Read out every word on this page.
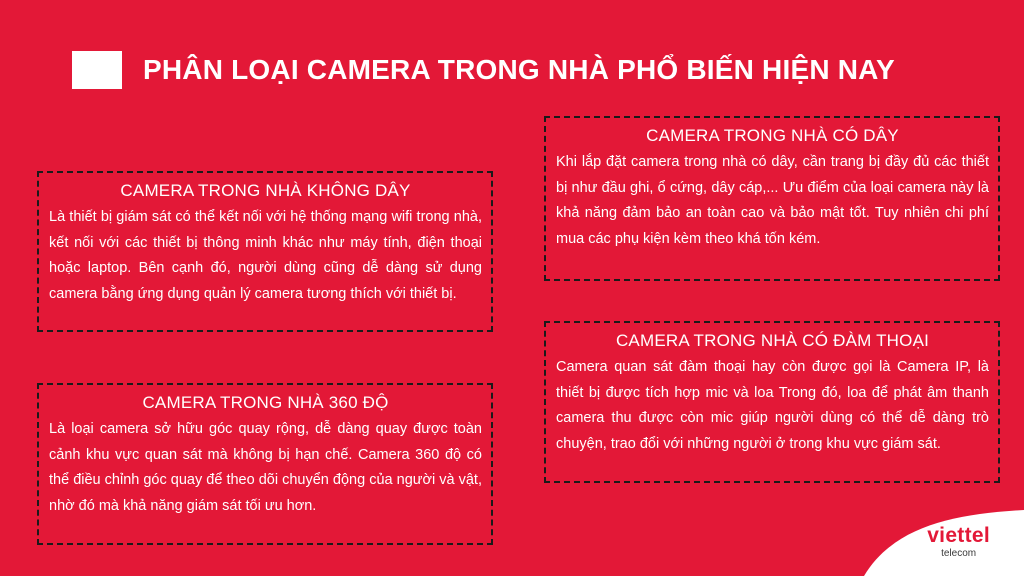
PHÂN LOẠI CAMERA TRONG NHÀ PHỔ BIẾN HIỆN NAY
CAMERA TRONG NHÀ KHÔNG DÂY
Là thiết bị giám sát có thể kết nối với hệ thống mạng wifi trong nhà, kết nối với các thiết bị thông minh khác như máy tính, điện thoại hoặc laptop. Bên cạnh đó, người dùng cũng dễ dàng sử dụng camera bằng ứng dụng quản lý camera tương thích với thiết bị.
CAMERA TRONG NHÀ 360 ĐỘ
Là loại camera sở hữu góc quay rộng, dễ dàng quay được toàn cảnh khu vực quan sát mà không bị hạn chế. Camera 360 độ có thể điều chỉnh góc quay để theo dõi chuyển động của người và vật, nhờ đó mà khả năng giám sát tối ưu hơn.
CAMERA TRONG NHÀ CÓ DÂY
Khi lắp đặt camera trong nhà có dây, cần trang bị đầy đủ các thiết bị như đầu ghi, ổ cứng, dây cáp,... Ưu điểm của loại camera này là khả năng đảm bảo an toàn cao và bảo mật tốt. Tuy nhiên chi phí mua các phụ kiện kèm theo khá tốn kém.
CAMERA TRONG NHÀ CÓ ĐÀM THOẠI
Camera quan sát đàm thoại hay còn được gọi là Camera IP, là thiết bị được tích hợp mic và loa Trong đó, loa để phát âm thanh camera thu được còn mic giúp người dùng có thể dễ dàng trò chuyện, trao đổi với những người ở trong khu vực giám sát.
viettel
telecom
